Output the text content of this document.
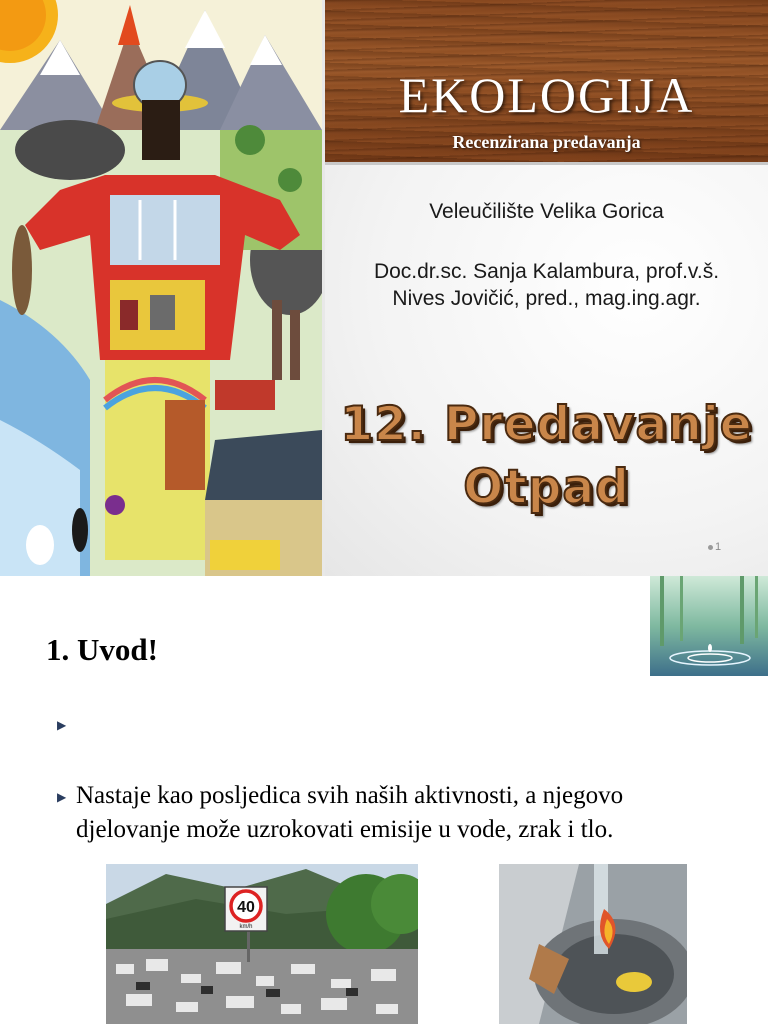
EKOLOGIJA
Recenzirana predavanja
Veleučilište Velika Gorica
Doc.dr.sc. Sanja Kalambura, prof.v.š.
Nives Jovičić, pred., mag.ing.agr.
12. Predavanje
Otpad
1
1. Uvod!
▶
▶ Nastaje kao posljedica svih naših aktivnosti, a njegovo
djelovanje može uzrokovati emisije u vode, zrak i tlo.
40
km/h
